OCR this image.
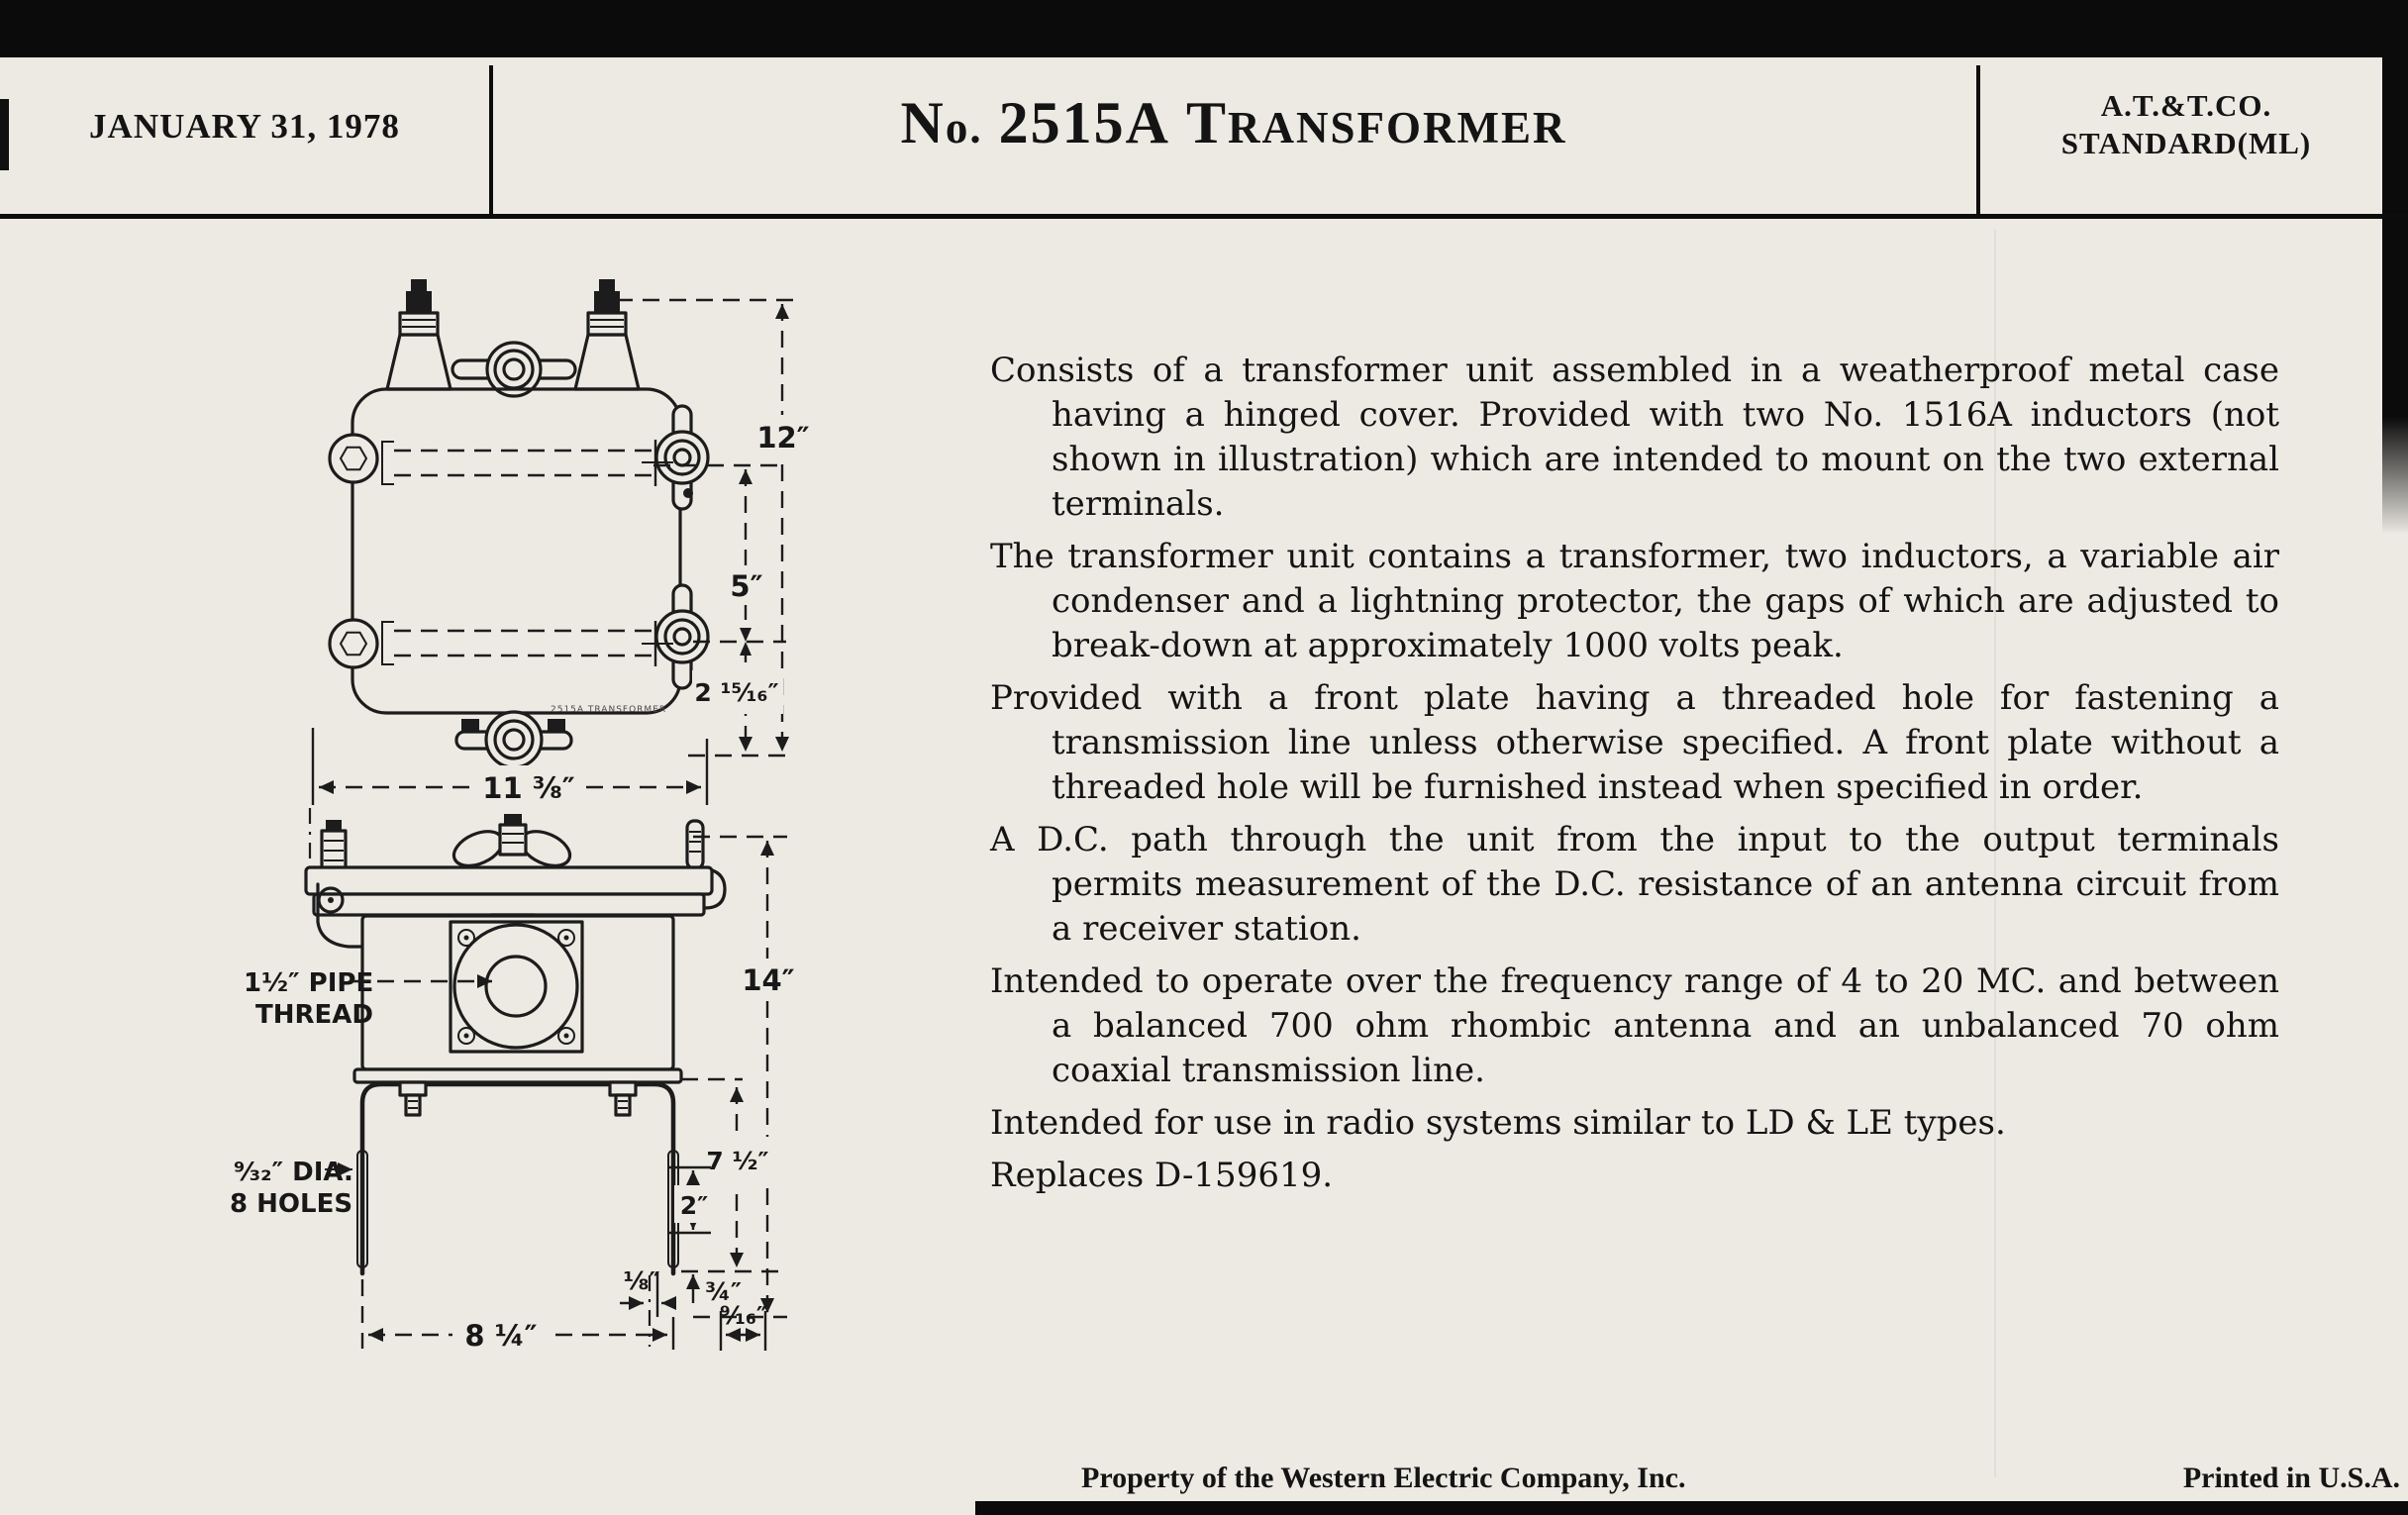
JANUARY 31, 1978	No. 2515A TRANSFORMER	A.T.&T.CO.
STANDARD(ML)

Consists of a transformer unit assembled in a weatherproof metal case having a hinged cover. Provided with two No. 1516A inductors (not shown in illustration) which are intended to mount on the two external terminals.

The transformer unit contains a transformer, two inductors, a variable air condenser and a lightning protector, the gaps of which are adjusted to break-down at approximately 1000 volts peak.

Provided with a front plate having a threaded hole for fastening a transmission line unless otherwise specified. A front plate without a threaded hole will be furnished instead when specified in order.

A D.C. path through the unit from the input to the output terminals permits measurement of the D.C. resistance of an antenna circuit from a receiver station.

Intended to operate over the frequency range of 4 to 20 MC. and between a balanced 700 ohm rhombic antenna and an unbalanced 70 ohm coaxial transmission line.

Intended for use in radio systems similar to LD & LE types.

Replaces D-159619.

Property of the Western Electric Company, Inc.	Printed in U.S.A.
2515A TRANSFORMER
12″
5″
2 ¹⁵⁄₁₆″
11 ⅜″
14″
7 ½″
2″
¾″
⅛″
8 ¼″
⁹⁄₁₆″
1½″ PIPE
THREAD
⁹⁄₃₂″ DIA.
8 HOLES
